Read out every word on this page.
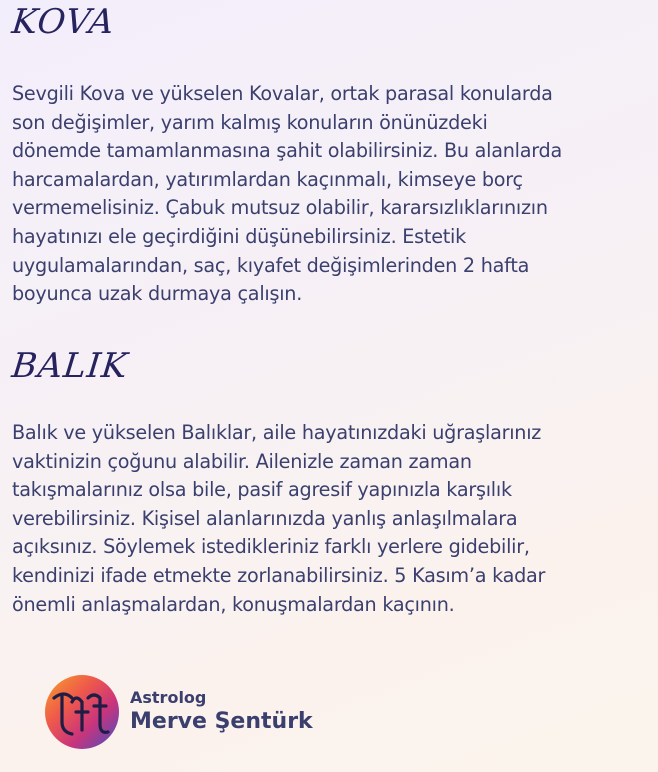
KOVA
Sevgili Kova ve yükselen Kovalar, ortak parasal konularda
son değişimler, yarım kalmış konuların önünüzdeki
dönemde tamamlanmasına şahit olabilirsiniz. Bu alanlarda
harcamalardan, yatırımlardan kaçınmalı, kimseye borç
vermemelisiniz. Çabuk mutsuz olabilir, kararsızlıklarınızın
hayatınızı ele geçirdiğini düşünebilirsiniz. Estetik
uygulamalarından, saç, kıyafet değişimlerinden 2 hafta
boyunca uzak durmaya çalışın.
BALIK
Balık ve yükselen Balıklar, aile hayatınızdaki uğraşlarınız
vaktinizin çoğunu alabilir. Ailenizle zaman zaman
takışmalarınız olsa bile, pasif agresif yapınızla karşılık
verebilirsiniz. Kişisel alanlarınızda yanlış anlaşılmalara
açıksınız. Söylemek istedikleriniz farklı yerlere gidebilir,
kendinizi ifade etmekte zorlanabilirsiniz. 5 Kasım’a kadar
önemli anlaşmalardan, konuşmalardan kaçının.
Astrolog
Merve Şentürk
